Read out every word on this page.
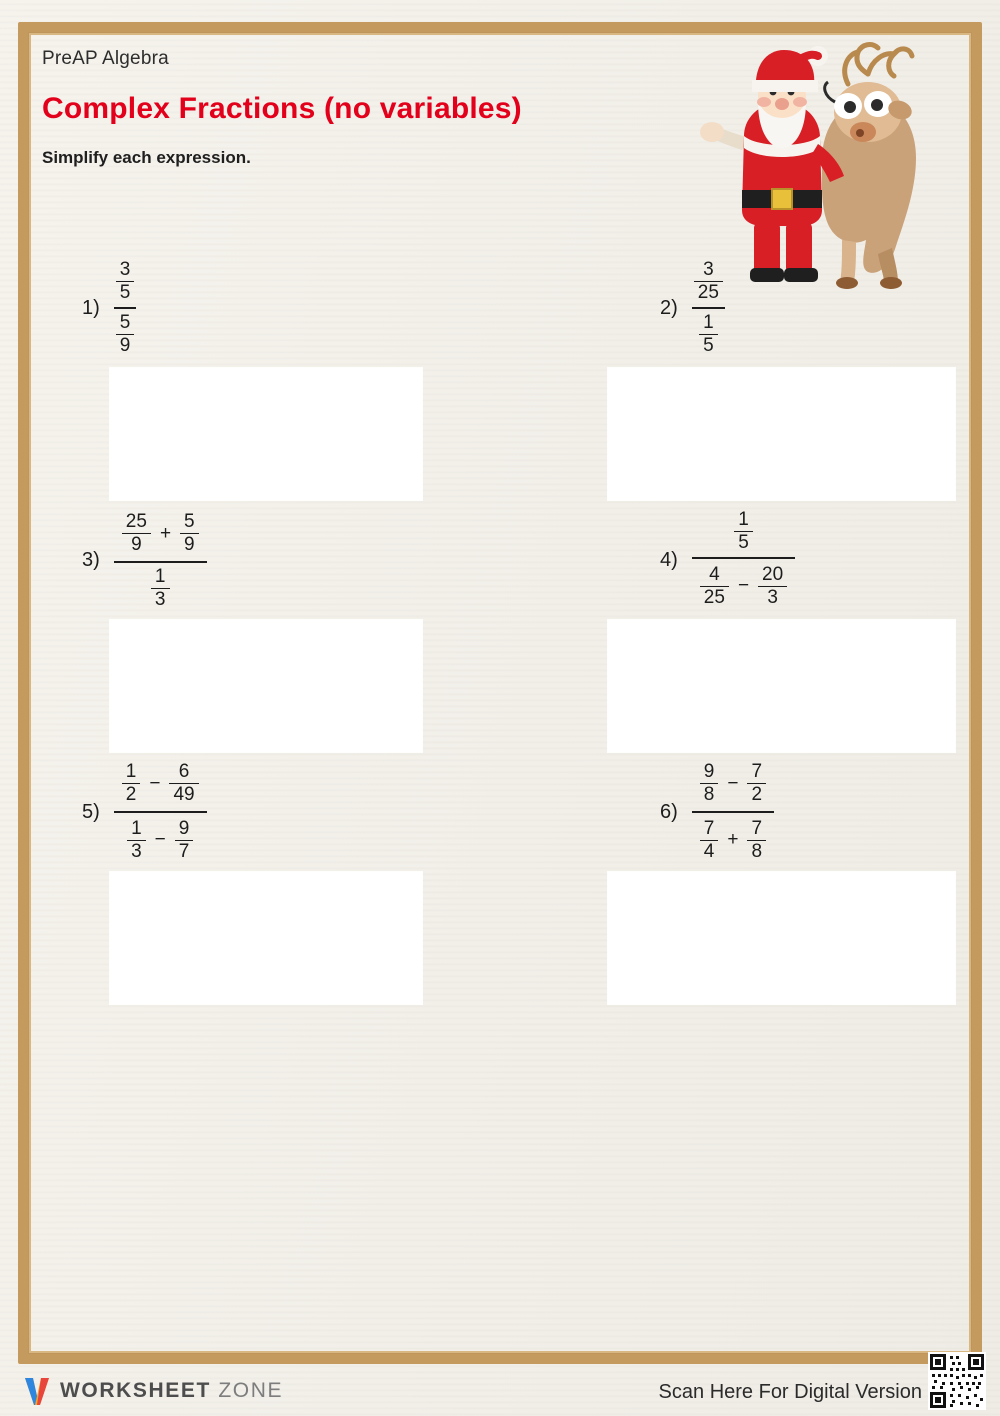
PreAP Algebra
Complex Fractions (no variables)
Simplify each expression.
1)
$\frac{3}{5}$
$\frac{5}{9}$
2)
$\frac{3}{25}$
$\frac{1}{5}$
3)
$\frac{25}{9} + \frac{5}{9}$
$\frac{1}{3}$
4)
$\frac{1}{5}$
$\frac{4}{25} - \frac{20}{3}$
5)
$\frac{1}{2} - \frac{6}{49}$
$\frac{1}{3} - \frac{9}{7}$
6)
$\frac{9}{8} - \frac{7}{2}$
$\frac{7}{4} + \frac{7}{8}$
WORKSHEET ZONE	Scan Here For Digital Version
